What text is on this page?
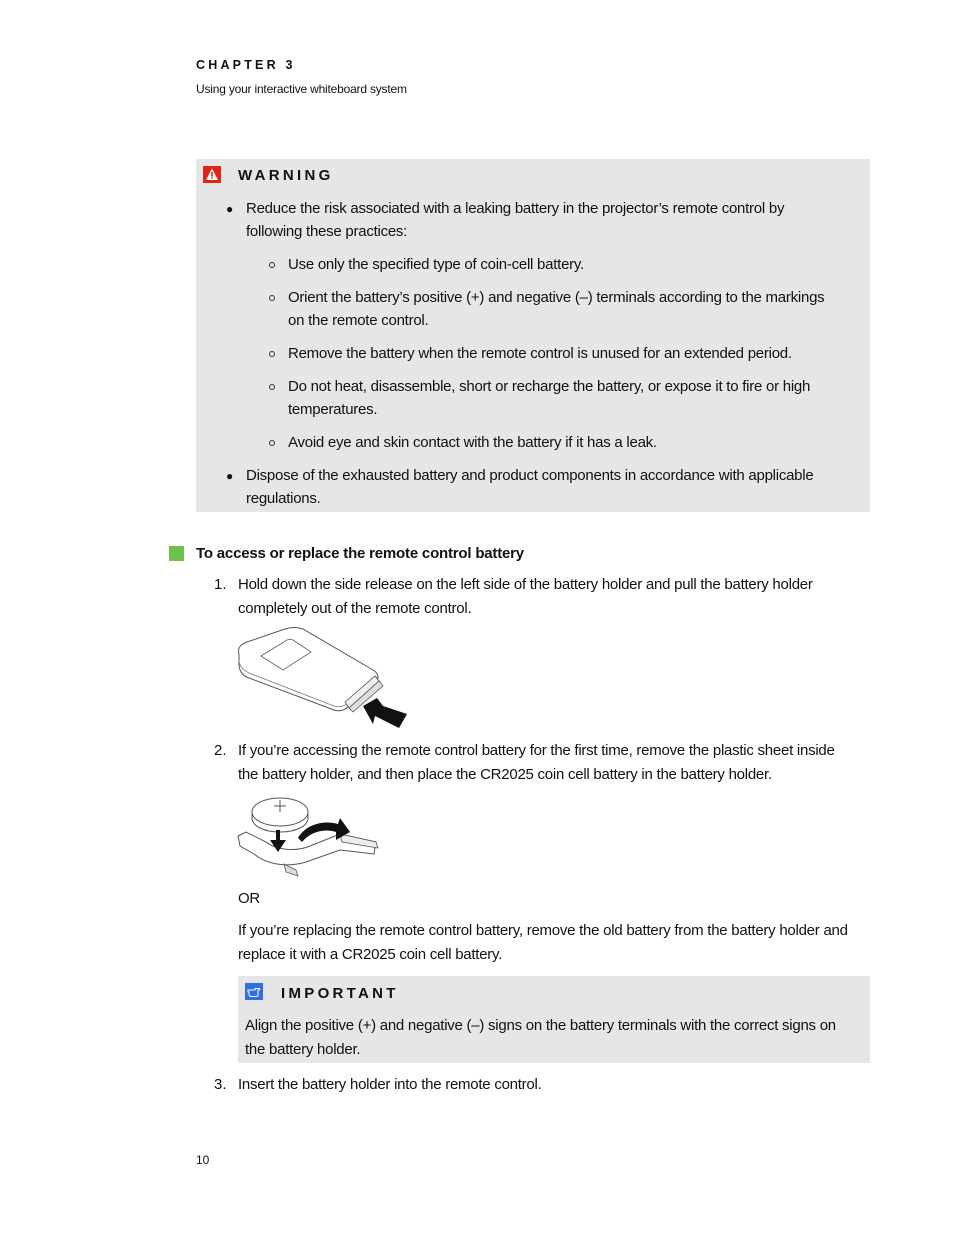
CHAPTER 3
Using your interactive whiteboard system
WARNING
● Reduce the risk associated with a leaking battery in the projector’s remote control by
following these practices:
Use only the specified type of coin-cell battery.
Orient the battery’s positive (+) and negative (–) terminals according to the markings
on the remote control.
Remove the battery when the remote control is unused for an extended period.
Do not heat, disassemble, short or recharge the battery, or expose it to fire or high
temperatures.
Avoid eye and skin contact with the battery if it has a leak.
● Dispose of the exhausted battery and product components in accordance with applicable
regulations.
To access or replace the remote control battery
1. Hold down the side release on the left side of the battery holder and pull the battery holder
completely out of the remote control.
2. If you’re accessing the remote control battery for the first time, remove the plastic sheet inside
the battery holder, and then place the CR2025 coin cell battery in the battery holder.
OR
If you’re replacing the remote control battery, remove the old battery from the battery holder and
replace it with a CR2025 coin cell battery.
IMPORTANT
Align the positive (+) and negative (–) signs on the battery terminals with the correct signs on
the battery holder.
3. Insert the battery holder into the remote control.
10
